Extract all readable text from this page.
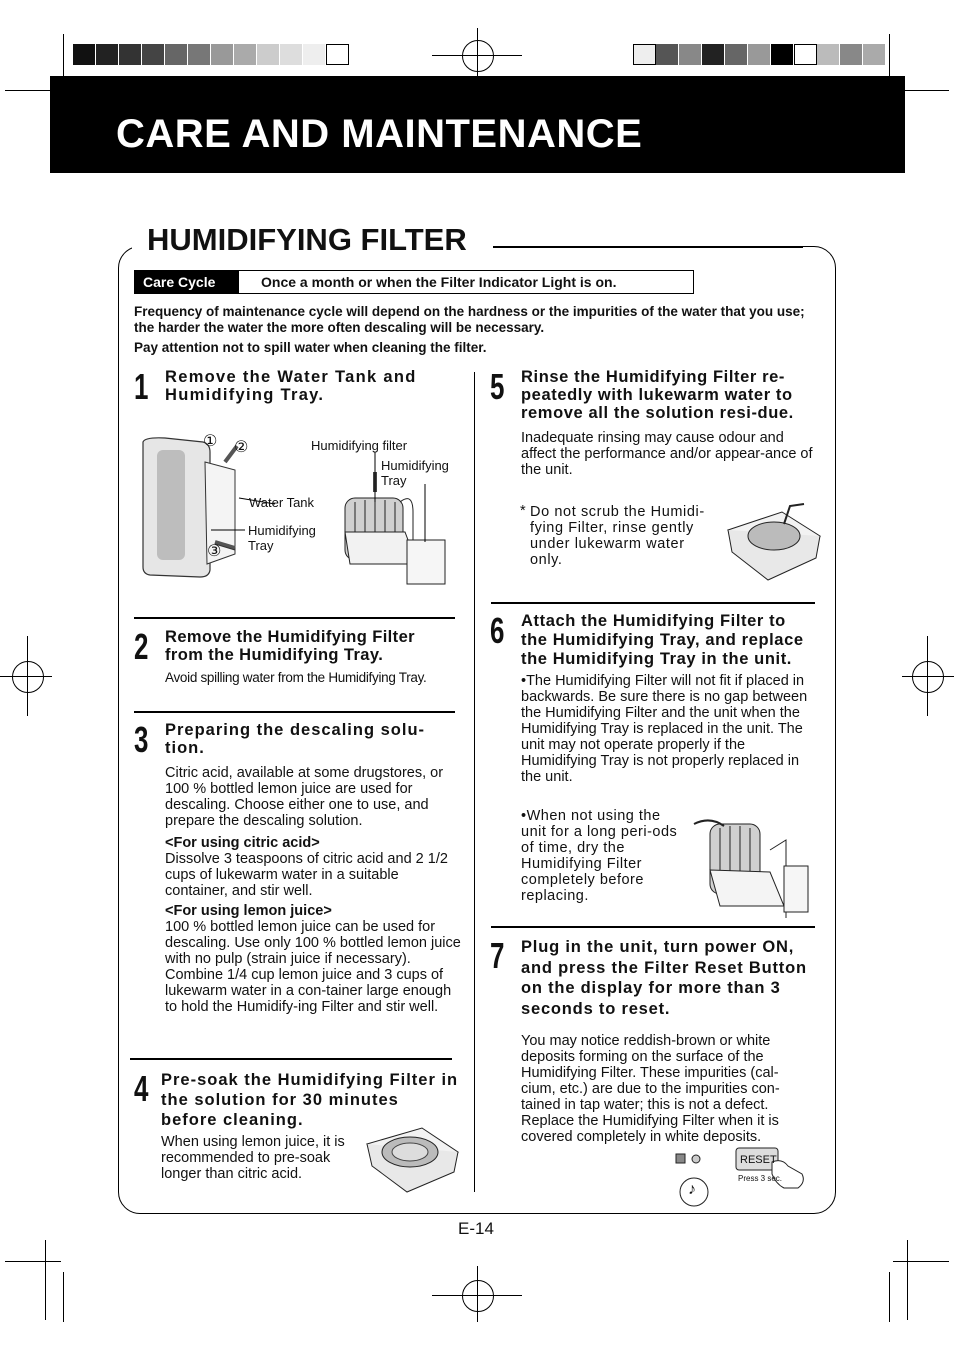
CARE AND MAINTENANCE
HUMIDIFYING FILTER
Care Cycle	Once a month or when the Filter Indicator Light is on.

Frequency of maintenance cycle will depend on the hardness or the impurities of the water that you use; the harder the water the more often descaling will be necessary.

Pay attention not to spill water when cleaning the filter.

1 Remove the Water Tank and Humidifying Tray.
① ②
③
Water Tank
Humidifying Tray
Humidifying filter
Humidifying Tray
2 Remove the Humidifying Filter from the Humidifying Tray.
Avoid spilling water from the Humidifying Tray.
3 Preparing the descaling solu-tion.
Citric acid, available at some drugstores, or 100 % bottled lemon juice are used for descaling. Choose either one to use, and prepare the descaling solution.
<For using citric acid>
Dissolve 3 teaspoons of citric acid and 2 1/2 cups of lukewarm water in a suitable container, and stir well.
<For using lemon juice>
100 % bottled lemon juice can be used for descaling. Use only 100 % bottled lemon juice with no pulp (strain juice if necessary). Combine 1/4 cup lemon juice and 3 cups of lukewarm water in a con-tainer large enough to hold the Humidify-ing Filter and stir well.
4 Pre-soak the Humidifying Filter in the solution for 30 minutes before cleaning.
When using lemon juice, it is recommended to pre-soak longer than citric acid.
5 Rinse the Humidifying Filter re-peatedly with lukewarm water to remove all the solution resi-due.
Inadequate rinsing may cause odour and affect the performance and/or appear-ance of the unit.
* Do not scrub the Humidi-fying Filter, rinse gently under lukewarm water only.
6 Attach the Humidifying Filter to the Humidifying Tray, and replace the Humidifying Tray in the unit.
•The Humidifying Filter will not fit if placed in backwards. Be sure there is no gap between the Humidifying Filter and the unit when the Humidifying Tray is replaced in the unit. The unit may not operate properly if the Humidifying Tray is not properly replaced in the unit.
•When not using the unit for a long peri-ods of time, dry the Humidifying Filter completely before replacing.
7 Plug in the unit, turn power ON, and press the Filter Reset Button on the display for more than 3 seconds to reset.
You may notice reddish-brown or white deposits forming on the surface of the Humidifying Filter. These impurities (cal-cium, etc.) are due to the impurities con-tained in tap water; this is not a defect. Replace the Humidifying Filter when it is covered completely in white deposits.
RESET
Press 3 sec.
♪
E-14
